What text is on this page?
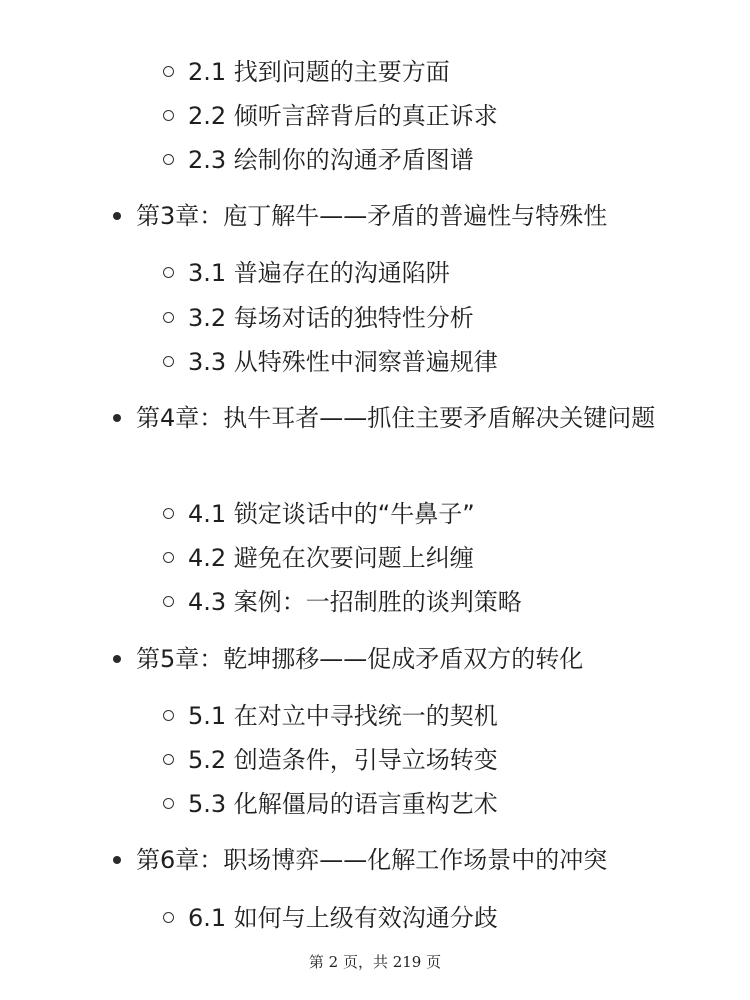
2.1 找到问题的主要方面
2.2 倾听言辞背后的真正诉求
2.3 绘制你的沟通矛盾图谱
第3章：庖丁解牛——矛盾的普遍性与特殊性
3.1 普遍存在的沟通陷阱
3.2 每场对话的独特性分析
3.3 从特殊性中洞察普遍规律
第4章：执牛耳者——抓住主要矛盾解决关键问题
4.1 锁定谈话中的“牛鼻子”
4.2 避免在次要问题上纠缠
4.3 案例：一招制胜的谈判策略
第5章：乾坤挪移——促成矛盾双方的转化
5.1 在对立中寻找统一的契机
5.2 创造条件，引导立场转变
5.3 化解僵局的语言重构艺术
第6章：职场博弈——化解工作场景中的冲突
6.1 如何与上级有效沟通分歧
第 2 页，共 219 页
